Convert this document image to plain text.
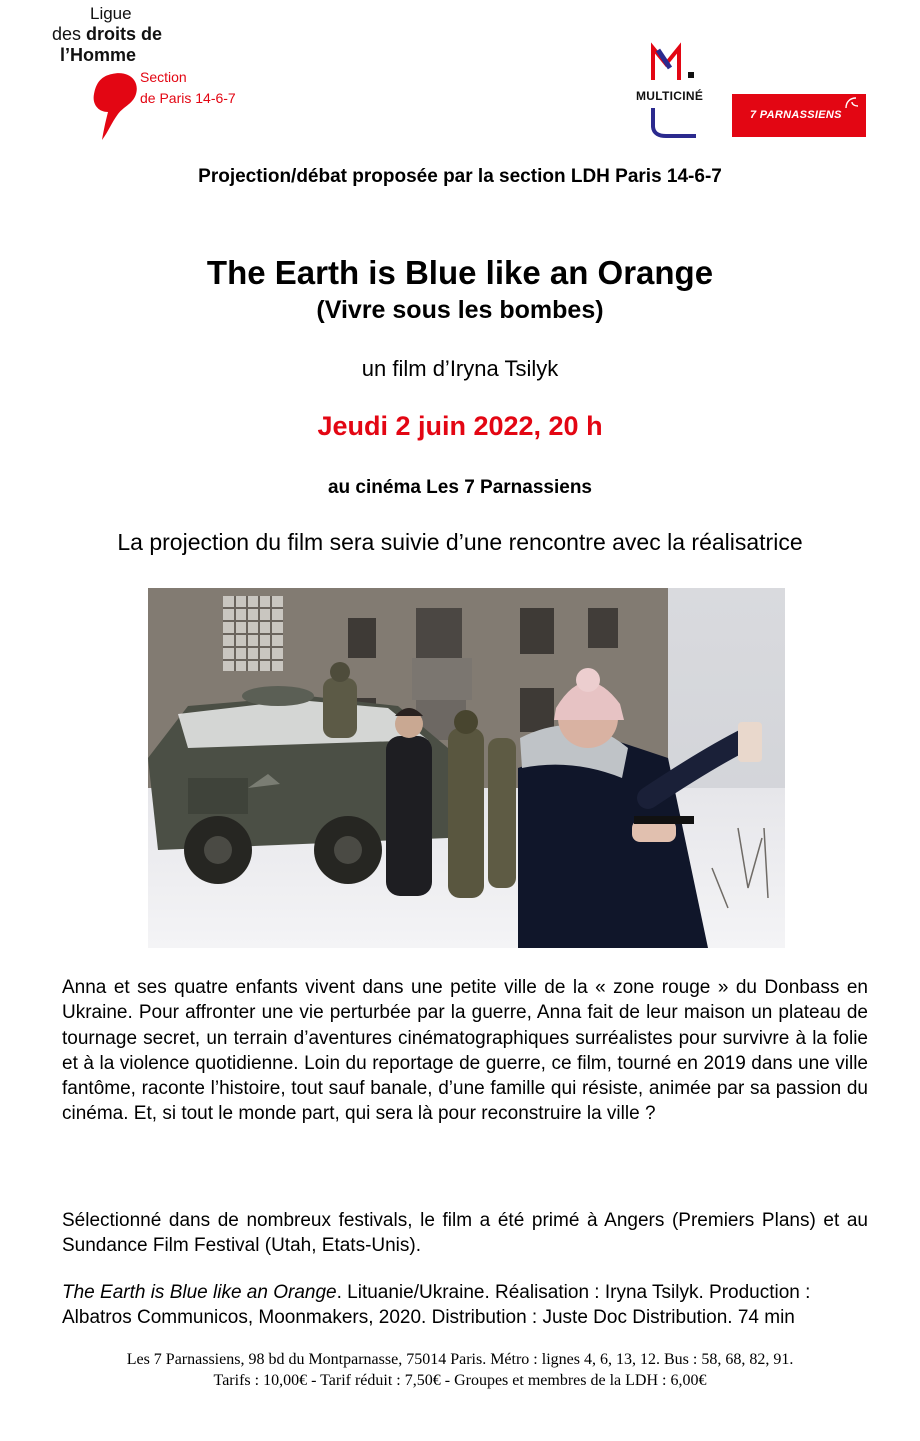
Ligue
des droits de
l’Homme
Section
de Paris 14-6-7	MULTICINÉ
7 PARNASSIENS
Projection/débat proposée par la section LDH Paris 14-6-7
The Earth is Blue like an Orange
(Vivre sous les bombes)
un film d’Iryna Tsilyk
Jeudi 2 juin 2022, 20 h
au cinéma Les 7 Parnassiens
La projection du film sera suivie d’une rencontre avec la réalisatrice
Anna et ses quatre enfants vivent dans une petite ville de la « zone rouge » du Donbass en Ukraine. Pour affronter une vie perturbée par la guerre, Anna fait de leur maison un plateau de tournage secret, un terrain d’aventures cinématographiques surréalistes pour survivre à la folie et à la violence quotidienne. Loin du reportage de guerre, ce film, tourné en 2019 dans une ville fantôme, raconte l’histoire, tout sauf banale, d’une famille qui résiste, animée par sa passion du cinéma. Et, si tout le monde part, qui sera là pour reconstruire la ville ?
Sélectionné dans de nombreux festivals, le film a été primé à Angers (Premiers Plans) et au Sundance Film Festival (Utah, Etats-Unis).
The Earth is Blue like an Orange. Lituanie/Ukraine. Réalisation : Iryna Tsilyk. Production : Albatros Communicos, Moonmakers, 2020. Distribution : Juste Doc Distribution. 74 min
Les 7 Parnassiens, 98 bd du Montparnasse, 75014 Paris. Métro : lignes 4, 6, 13, 12. Bus : 58, 68, 82, 91.
Tarifs : 10,00€ - Tarif réduit : 7,50€ - Groupes et membres de la LDH : 6,00€
